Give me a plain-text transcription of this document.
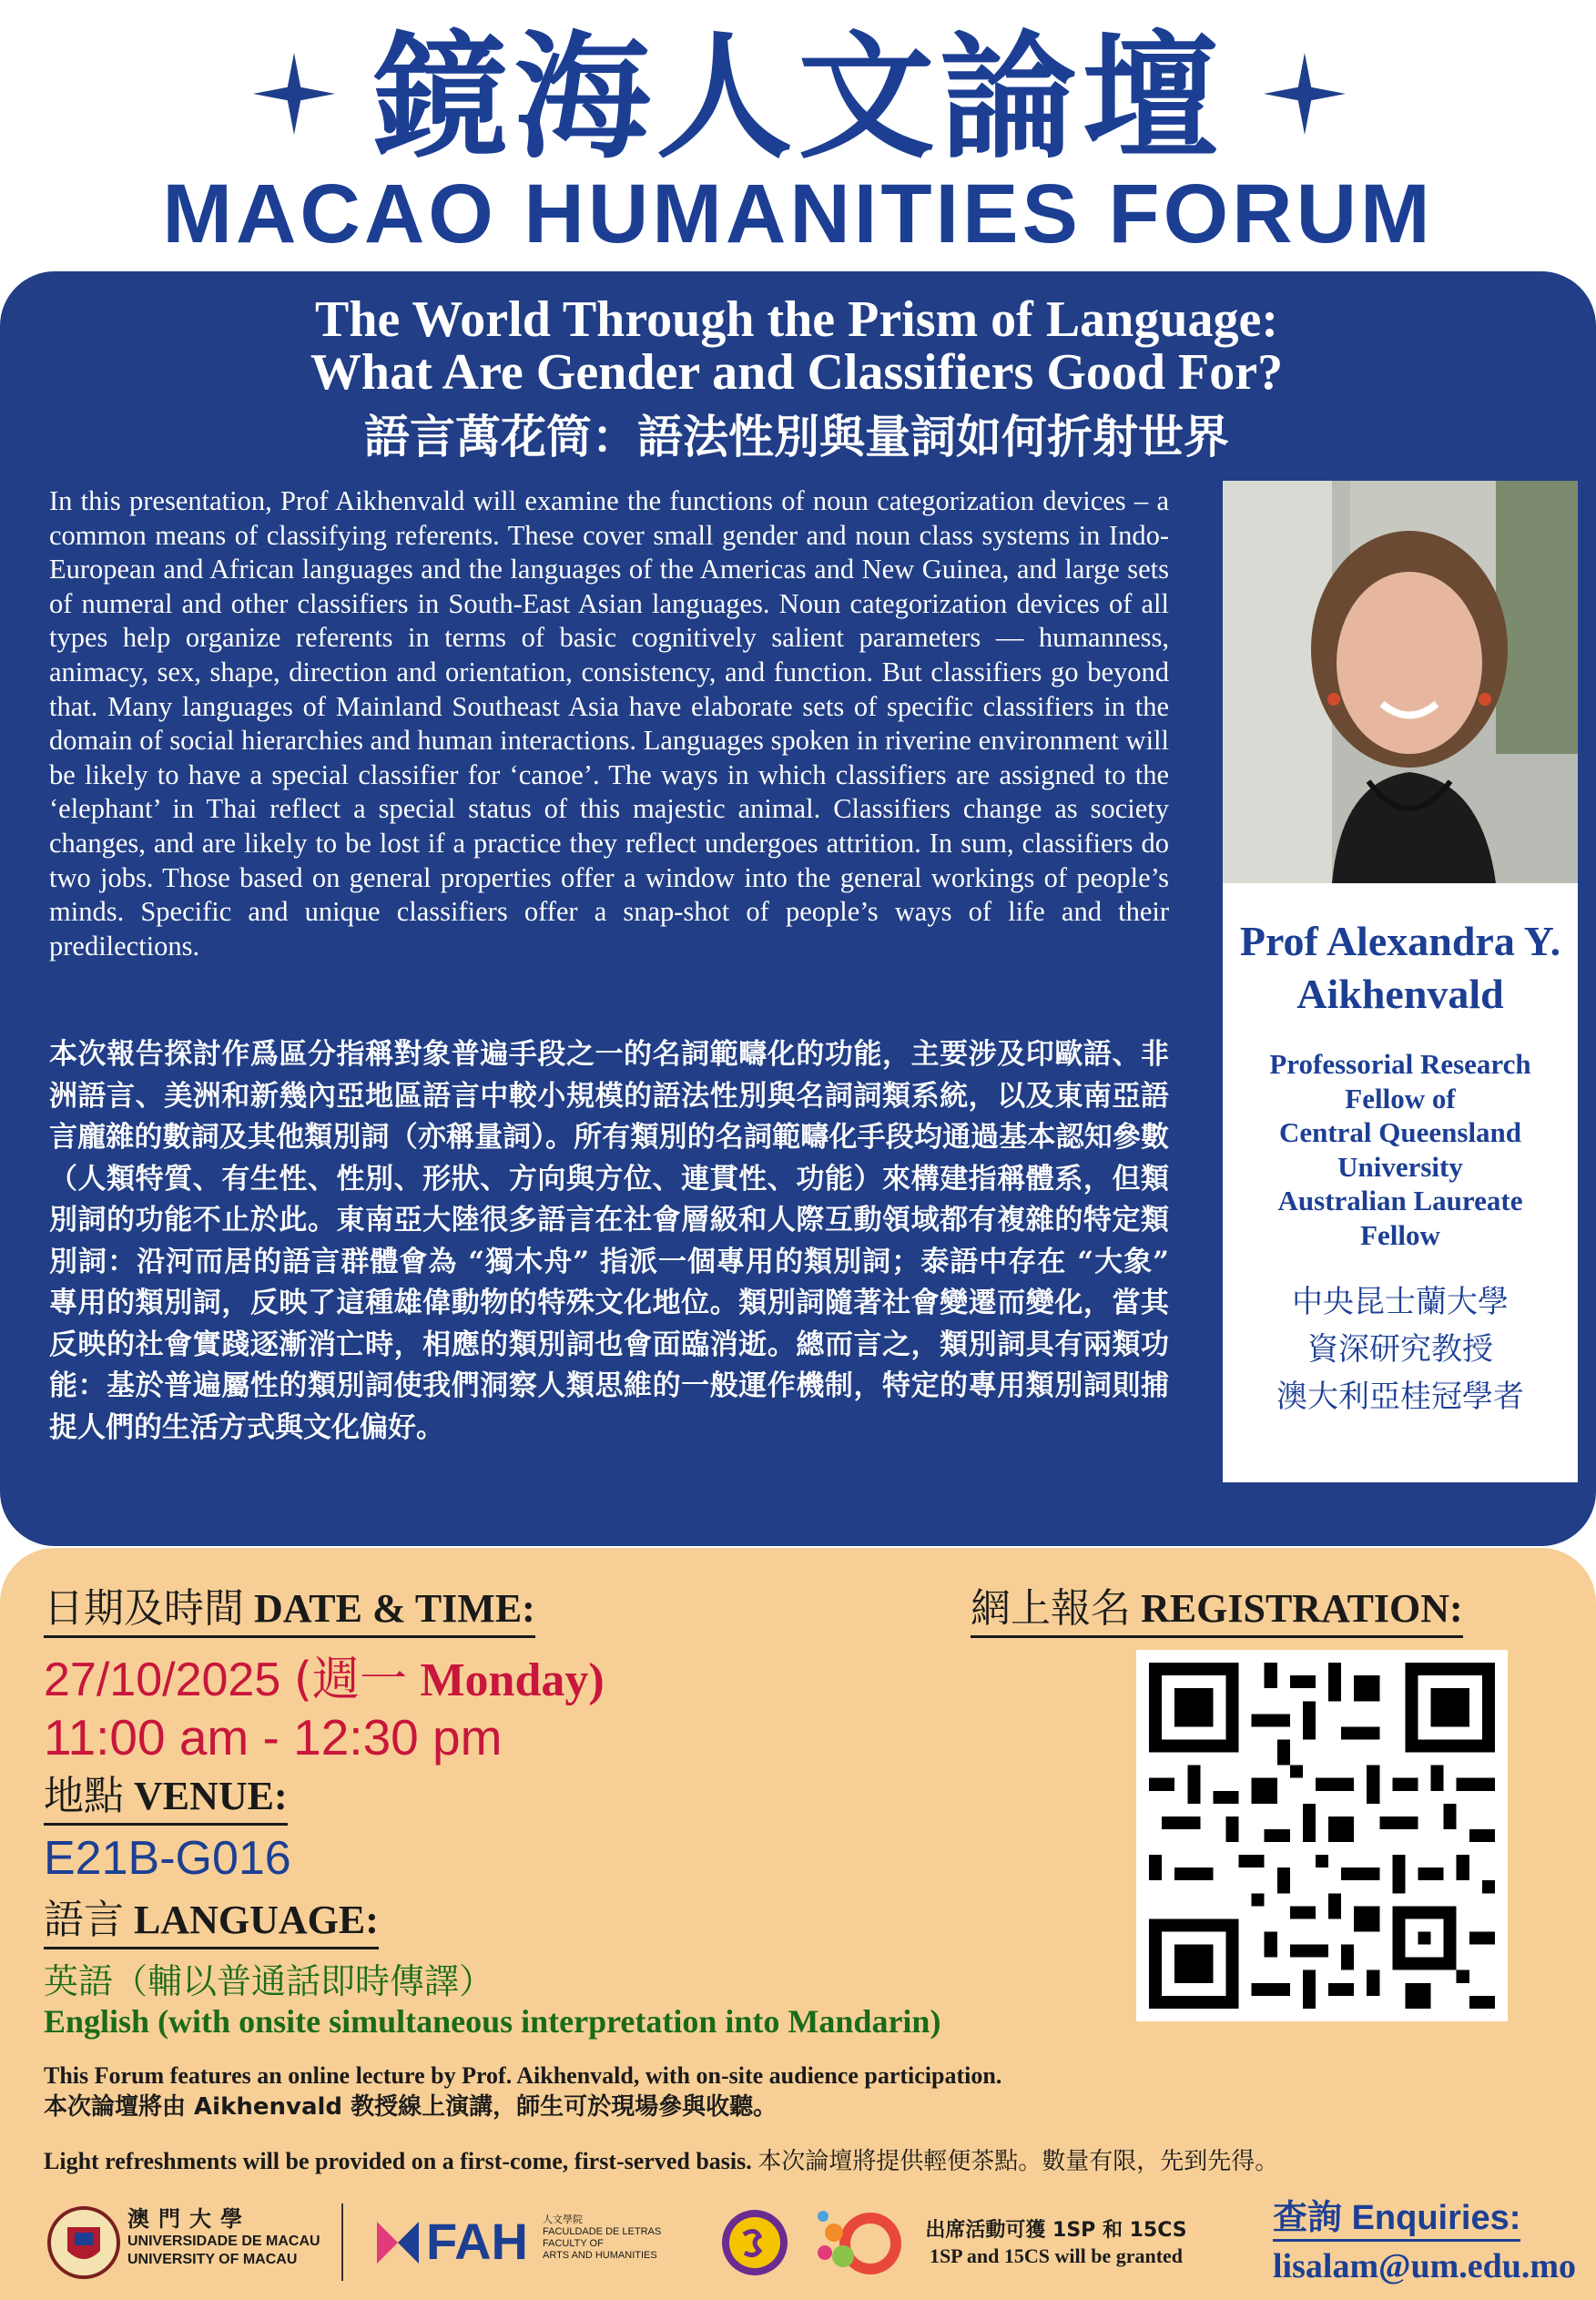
鏡海人文論壇
MACAO HUMANITIES FORUM
The World Through the Prism of Language:
What Are Gender and Classifiers Good For?
語言萬花筒：語法性別與量詞如何折射世界
In this presentation, Prof Aikhenvald will examine the functions of noun categorization devices – a common means of classifying referents. These cover small gender and noun class systems in Indo-European and African languages and the languages of the Americas and New Guinea, and large sets of numeral and other classifiers in South-East Asian languages. Noun categorization devices of all types help organize referents in terms of basic cognitively salient parameters — humanness, animacy, sex, shape, direction and orientation, consistency, and function. But classifiers go beyond that. Many languages of Mainland Southeast Asia have elaborate sets of specific classifiers in the domain of social hierarchies and human interactions. Languages spoken in riverine environment will be likely to have a special classifier for ‘canoe’. The ways in which classifiers are assigned to the ‘elephant’ in Thai reflect a special status of this majestic animal. Classifiers change as society changes, and are likely to be lost if a practice they reflect undergoes attrition. In sum, classifiers do two jobs. Those based on general properties offer a window into the general workings of people’s minds. Specific and unique classifiers offer a snap-shot of people’s ways of life and their predilections.
本次報告探討作爲區分指稱對象普遍手段之一的名詞範疇化的功能，主要涉及印歐語、非洲語言、美洲和新幾內亞地區語言中較小規模的語法性別與名詞詞類系統，以及東南亞語言龐雜的數詞及其他類別詞（亦稱量詞）。所有類別的名詞範疇化手段均通過基本認知參數（人類特質、有生性、性別、形狀、方向與方位、連貫性、功能）來構建指稱體系，但類別詞的功能不止於此。東南亞大陸很多語言在社會層級和人際互動領域都有複雜的特定類別詞：沿河而居的語言群體會為 “獨木舟” 指派一個專用的類別詞；泰語中存在 “大象” 專用的類別詞，反映了這種雄偉動物的特殊文化地位。類別詞隨著社會變遷而變化，當其反映的社會實踐逐漸消亡時，相應的類別詞也會面臨消逝。總而言之，類別詞具有兩類功能：基於普遍屬性的類別詞使我們洞察人類思維的一般運作機制，特定的專用類別詞則捕捉人們的生活方式與文化偏好。
Prof Alexandra Y.
Aikhenvald
Professorial Research
Fellow of
Central Queensland
University
Australian Laureate
Fellow
中央昆士蘭大學
資深研究教授
澳大利亞桂冠學者
日期及時間 DATE & TIME:
27/10/2025 (週一 Monday)
11:00 am - 12:30 pm
地點 VENUE:
E21B-G016
語言 LANGUAGE:
英語（輔以普通話即時傳譯）
English (with onsite simultaneous interpretation into Mandarin)
網上報名 REGISTRATION:
This Forum features an online lecture by Prof. Aikhenvald, with on-site audience participation.
本次論壇將由 Aikhenvald 教授線上演講，師生可於現場參與收聽。
Light refreshments will be provided on a first-come, first-served basis. 本次論壇將提供輕便茶點。數量有限，先到先得。
澳門大學
UNIVERSIDADE DE MACAU
UNIVERSITY OF MACAU	FAH 人文學院
FACULDADE DE LETRAS
FACULTY OF
ARTS AND HUMANITIES
出席活動可獲 1SP 和 15CS
1SP and 15CS will be granted
查詢 Enquiries:
lisalam@um.edu.mo
